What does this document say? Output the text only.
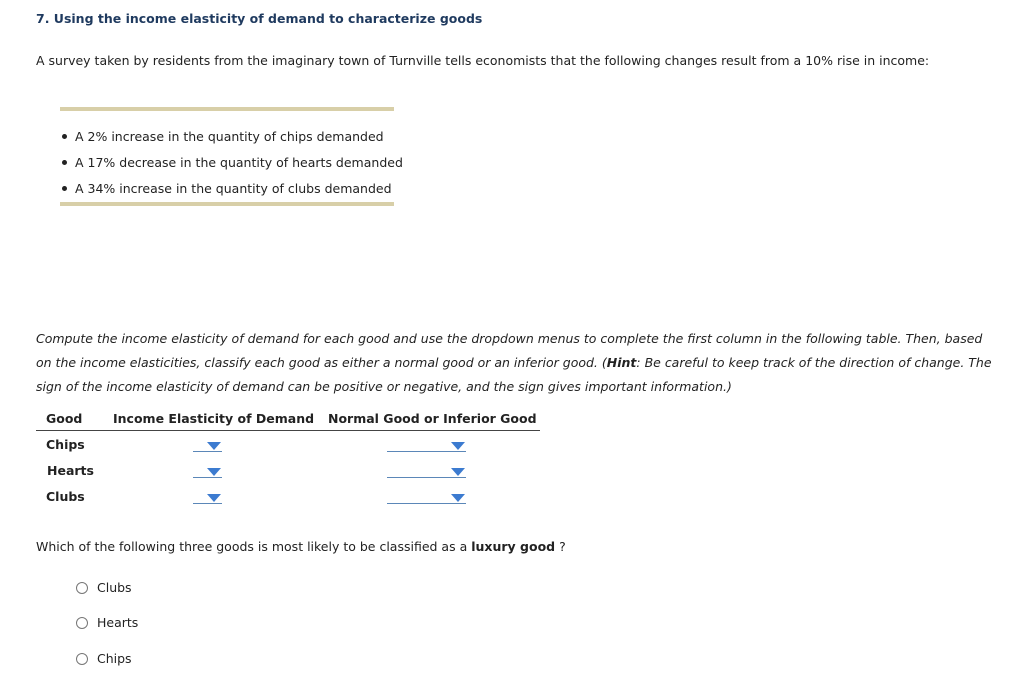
7. Using the income elasticity of demand to characterize goods
A survey taken by residents from the imaginary town of Turnville tells economists that the following changes result from a 10% rise in income:
A 2% increase in the quantity of chips demanded
A 17% decrease in the quantity of hearts demanded
A 34% increase in the quantity of clubs demanded
Compute the income elasticity of demand for each good and use the dropdown menus to complete the first column in the following table. Then, based on the income elasticities, classify each good as either a normal good or an inferior good. (Hint: Be careful to keep track of the direction of change. The sign of the income elasticity of demand can be positive or negative, and the sign gives important information.)
Good Income Elasticity of Demand Normal Good or Inferior Good
Chips
Hearts
Clubs
Which of the following three goods is most likely to be classified as a luxury good ?
Clubs
Hearts
Chips
